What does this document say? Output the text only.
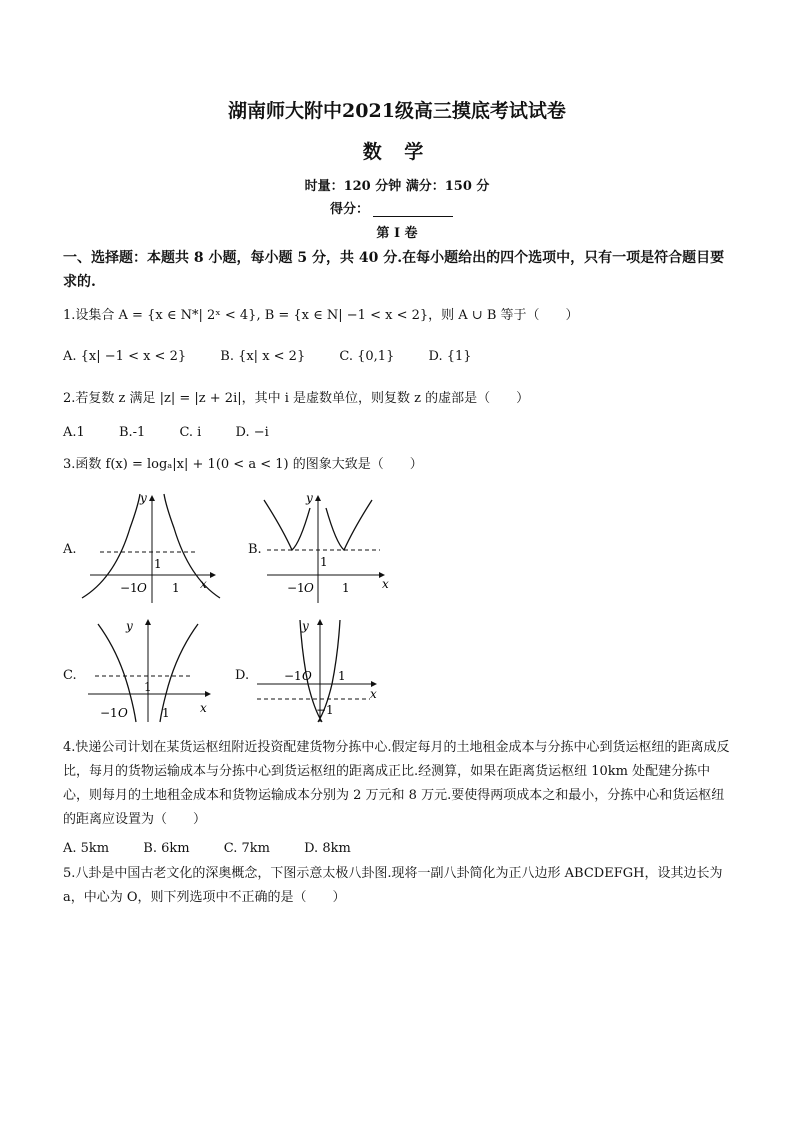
湖南师大附中2021级高三摸底考试试卷
数 学
时量：120 分钟 满分：150 分
得分：
第 I 卷
一、选择题：本题共 8 小题，每小题 5 分，共 40 分.在每小题给出的四个选项中，只有一项是符合题目要求的.
1.设集合 A = {x ∈ N*| 2ˣ < 4}, B = {x ∈ N| −1 < x < 2}，则 A ∪ B 等于（　　）
A. {x| −1 < x < 2}	B. {x| x < 2}	C. {0,1}	D. {1}
2.若复数 z 满足 |z| = |z + 2i|，其中 i 是虚数单位，则复数 z 的虚部是（　　）
A.1	B.-1	C. i	D. −i
3.函数 f(x) = logₐ|x| + 1(0 < a < 1) 的图象大致是（　　）
A.
x
y
1
−1 O 1
B.
x
y
1
−1 O 1
C.
x
y
1
−1 O	1
D.
x
y
−1 O 1
−1
4.快递公司计划在某货运枢纽附近投资配建货物分拣中心.假定每月的土地租金成本与分拣中心到货运枢纽的距离成反比，每月的货物运输成本与分拣中心到货运枢纽的距离成正比.经测算，如果在距离货运枢纽 10km 处配建分拣中心，则每月的土地租金成本和货物运输成本分别为 2 万元和 8 万元.要使得两项成本之和最小，分拣中心和货运枢纽的距离应设置为（　　）
A. 5km	B. 6km	C. 7km	D. 8km
5.八卦是中国古老文化的深奥概念，下图示意太极八卦图.现将一副八卦简化为正八边形 ABCDEFGH，设其边长为 a，中心为 O，则下列选项中不正确的是（　　）
